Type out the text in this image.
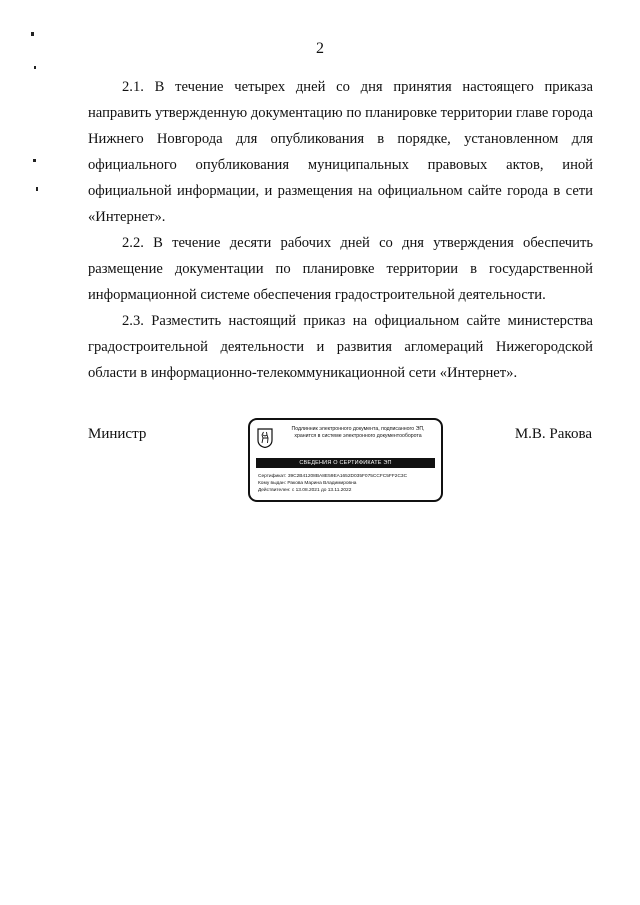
2

2.1. В течение четырех дней со дня принятия настоящего приказа направить утвержденную документацию по планировке территории главе города Нижнего Новгорода для опубликования в порядке, установленном для официального опубликования муниципальных правовых актов, иной официальной информации, и размещения на официальном сайте города в сети «Интернет».

2.2. В течение десяти рабочих дней со дня утверждения обеспечить размещение документации по планировке территории в государственной информационной системе обеспечения градостроительной деятельности.

2.3. Разместить настоящий приказ на официальном сайте министерства градостроительной деятельности и развития агломераций Нижегородской области в информационно-телекоммуникационной сети «Интернет».

Министр	Подлинник электронного документа, подписанного ЭП,
хранится в системе электронного документооборота
СВЕДЕНИЯ О СЕРТИФИКАТЕ ЭП
Сертификат: 39C2B41208BA8E59EA1652D035F075CCFC5FF2C3C
Кому выдан: Ракова Марина Владимировна
Действителен: с 13.08.2021 до 13.11.2022
М.В. Ракова
